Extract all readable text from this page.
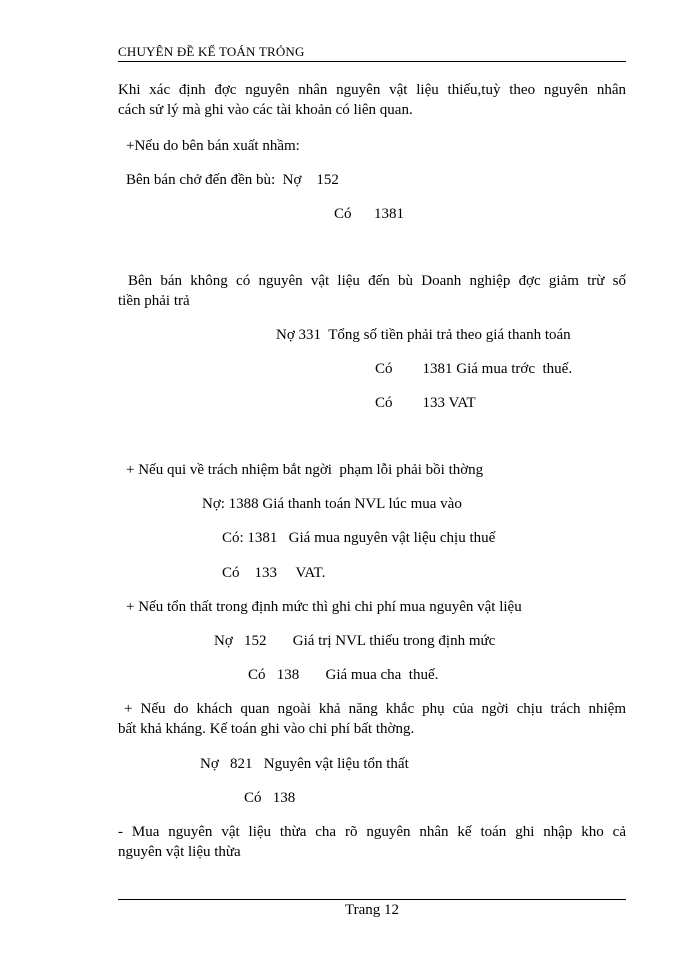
CHUYÊN ĐỀ KẾ TOÁN TRỎNG
Khi xác định đợc nguyên nhân nguyên vật liệu thiếu,tuỳ theo nguyên nhân
cách sử lý mà ghi vào các tài khoản có liên quan.
+Nếu do bên bán xuất nhầm:
Bên bán chở đến đền bù:  Nợ    152
Có      1381
Bên bán không có nguyên vật liệu đến bù Doanh nghiệp đợc giảm trừ số
tiền phải trả
Nợ 331  Tổng số tiền phải trả theo giá thanh toán
Có        1381 Giá mua trớc  thuế.
Có        133 VAT
+ Nếu qui về trách nhiệm bắt ngời  phạm lỗi phải bồi thờng
Nợ: 1388 Giá thanh toán NVL lúc mua vào
Có: 1381   Giá mua nguyên vật liệu chịu thuế
Có    133     VAT.
+ Nếu tổn thất trong định mức thì ghi chi phí mua nguyên vật liệu
Nợ   152       Giá trị NVL thiếu trong định mức
Có   138       Giá mua cha  thuế.
+ Nếu do khách quan ngoài khả năng khắc phụ của ngời chịu trách nhiệm
bất khả kháng. Kế toán ghi vào chi phí bất thờng.
Nợ   821   Nguyên vật liệu tổn thất
Có   138
- Mua nguyên vật liệu thừa cha rõ nguyên nhân kế toán ghi nhập kho cả
nguyên vật liệu thừa
Trang 12
